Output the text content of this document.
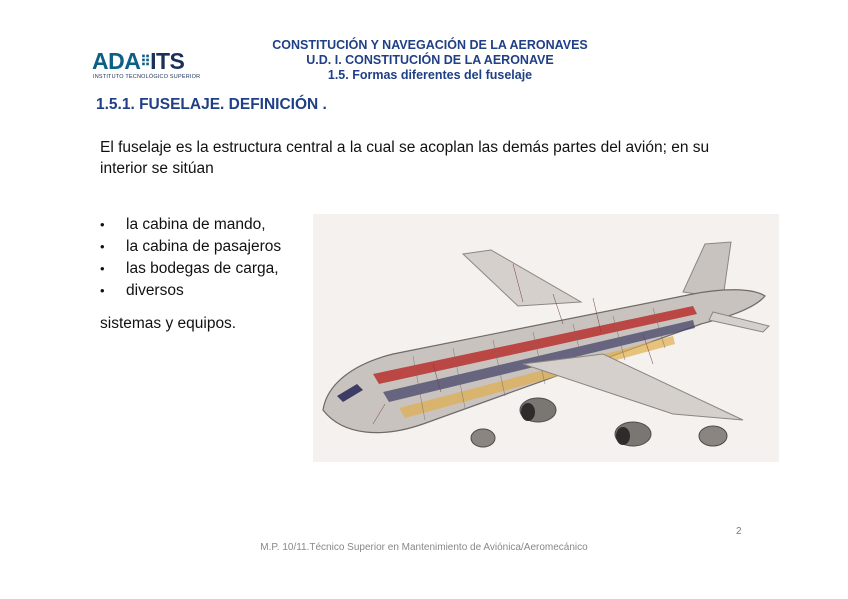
ADA⠿ITS
INSTITUTO TECNOLÓGICO SUPERIOR
CONSTITUCIÓN Y NAVEGACIÓN DE LA AERONAVES
U.D. I. CONSTITUCIÓN DE LA AERONAVE
1.5. Formas diferentes del fuselaje
1.5.1. FUSELAJE. DEFINICIÓN .
El fuselaje es la estructura central a la cual se acoplan las demás partes del avión; en su interior se sitúan
• la cabina de mando,
• la cabina de pasajeros
• las bodegas de carga,
• diversos
sistemas y equipos.
2
M.P. 10/11.Técnico Superior en Mantenimiento de Aviónica/Aeromecánico
